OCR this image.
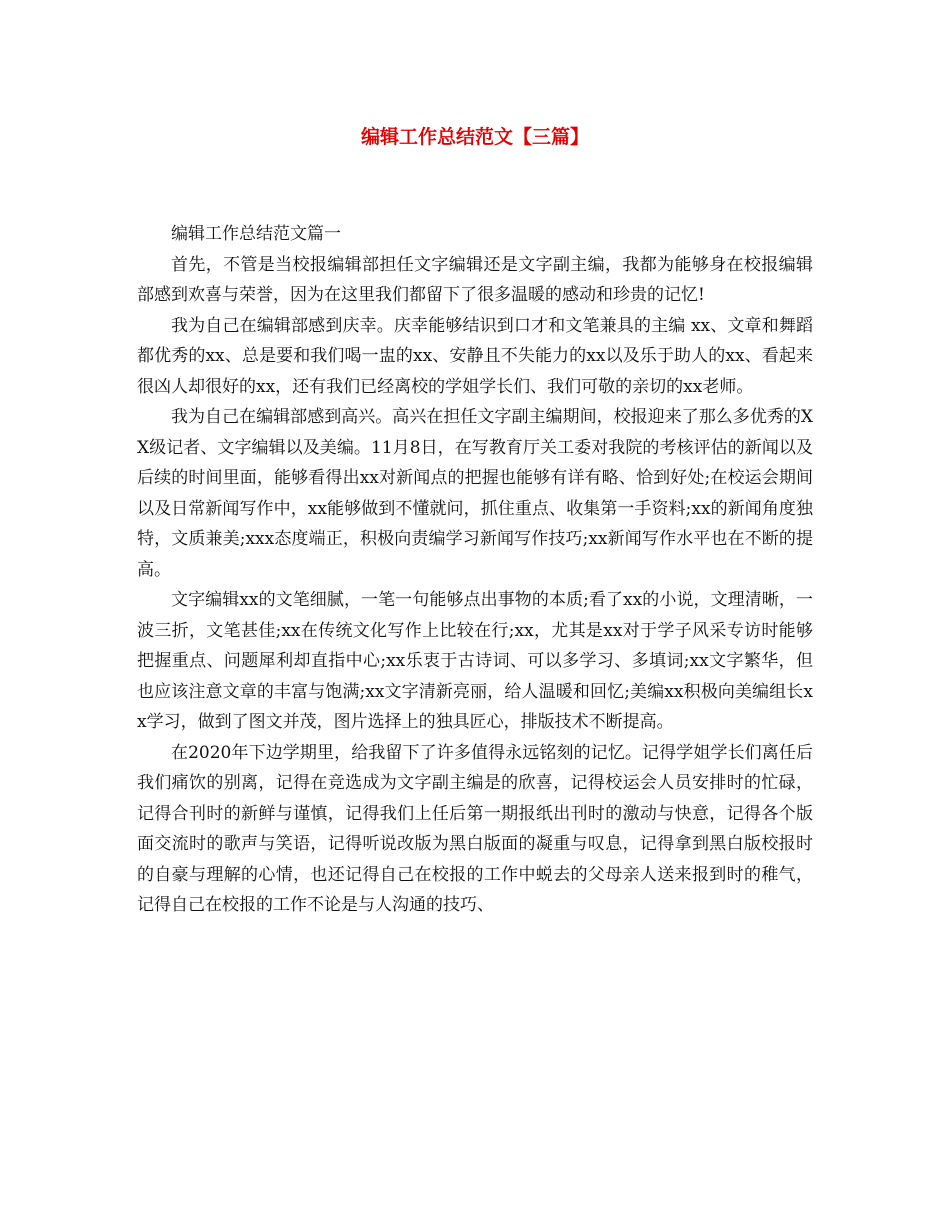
编辑工作总结范文【三篇】

编辑工作总结范文篇一

首先，不管是当校报编辑部担任文字编辑还是文字副主编，我都为能够身在校报编辑部感到欢喜与荣誉，因为在这里我们都留下了很多温暖的感动和珍贵的记忆!

我为自己在编辑部感到庆幸。庆幸能够结识到口才和文笔兼具的主编 xx、文章和舞蹈都优秀的xx、总是要和我们喝一盅的xx、安静且不失能力的xx以及乐于助人的xx、看起来很凶人却很好的xx，还有我们已经离校的学姐学长们、我们可敬的亲切的xx老师。

我为自己在编辑部感到高兴。高兴在担任文字副主编期间，校报迎来了那么多优秀的XX级记者、文字编辑以及美编。11月8日，在写教育厅关工委对我院的考核评估的新闻以及后续的时间里面，能够看得出xx对新闻点的把握也能够有详有略、恰到好处;在校运会期间以及日常新闻写作中，xx能够做到不懂就问，抓住重点、收集第一手资料;xx的新闻角度独特，文质兼美;xxx态度端正，积极向责编学习新闻写作技巧;xx新闻写作水平也在不断的提高。

文字编辑xx的文笔细腻，一笔一句能够点出事物的本质;看了xx的小说，文理清晰，一波三折，文笔甚佳;xx在传统文化写作上比较在行;xx，尤其是xx对于学子风采专访时能够把握重点、问题犀利却直指中心;xx乐衷于古诗词、可以多学习、多填词;xx文字繁华，但也应该注意文章的丰富与饱满;xx文字清新亮丽，给人温暖和回忆;美编xx积极向美编组长xx学习，做到了图文并茂，图片选择上的独具匠心，排版技术不断提高。

在2020年下边学期里，给我留下了许多值得永远铭刻的记忆。记得学姐学长们离任后我们痛饮的别离，记得在竞选成为文字副主编是的欣喜，记得校运会人员安排时的忙碌，记得合刊时的新鲜与谨慎，记得我们上任后第一期报纸出刊时的激动与快意，记得各个版面交流时的歌声与笑语，记得听说改版为黑白版面的凝重与叹息，记得拿到黑白版校报时的自豪与理解的心情，也还记得自己在校报的工作中蜕去的父母亲人送来报到时的稚气，记得自己在校报的工作不论是与人沟通的技巧、
